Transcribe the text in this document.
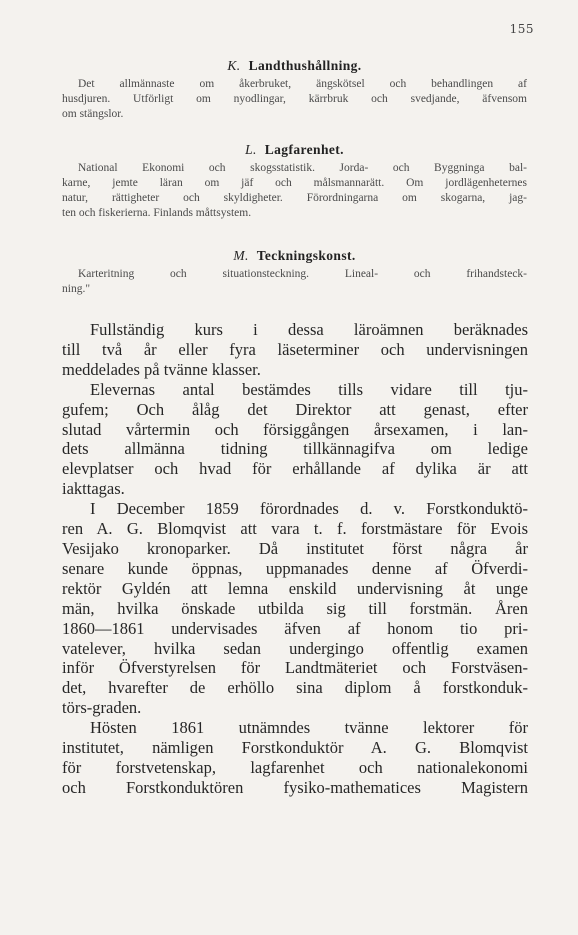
155
K. Landthushållning.
Det allmännaste om åkerbruket, ängskötsel och behandlingen af
husdjuren. Utförligt om nyodlingar, kärrbruk och svedjande, äfvensom
om stängslor.
L. Lagfarenhet.
National Ekonomi och skogsstatistik. Jorda- och Byggninga bal-
karne, jemte läran om jäf och målsmannarätt. Om jordlägenheternes
natur, rättigheter och skyldigheter. Förordningarna om skogarna, jag-
ten och fiskerierna. Finlands måttsystem.
M. Teckningskonst.
Karteritning och situationsteckning. Lineal- och frihandsteck-
ning."
Fullständig kurs i dessa läroämnen beräknades
till två år eller fyra läseterminer och undervisningen
meddelades på tvänne klasser.
Elevernas antal bestämdes tills vidare till tju-
gufem; Och ålåg det Direktor att genast, efter
slutad vårtermin och försiggången årsexamen, i lan-
dets allmänna tidning tillkännagifva om ledige
elevplatser och hvad för erhållande af dylika är att
iakttagas.
I December 1859 förordnades d. v. Forstkonduktö-
ren A. G. Blomqvist att vara t. f. forstmästare för Evois
Vesijako kronoparker. Då institutet först några år
senare kunde öppnas, uppmanades denne af Öfverdi-
rektör Gyldén att lemna enskild undervisning åt unge
män, hvilka önskade utbilda sig till forstmän. Åren
1860—1861 undervisades äfven af honom tio pri-
vatelever, hvilka sedan undergingo offentlig examen
inför Öfverstyrelsen för Landtmäteriet och Forstväsen-
det, hvarefter de erhöllo sina diplom å forstkonduk-
törs-graden.
Hösten 1861 utnämndes tvänne lektorer för
institutet, nämligen Forstkonduktör A. G. Blomqvist
för forstvetenskap, lagfarenhet och nationalekonomi
och Forstkonduktören fysiko-mathematices Magistern
